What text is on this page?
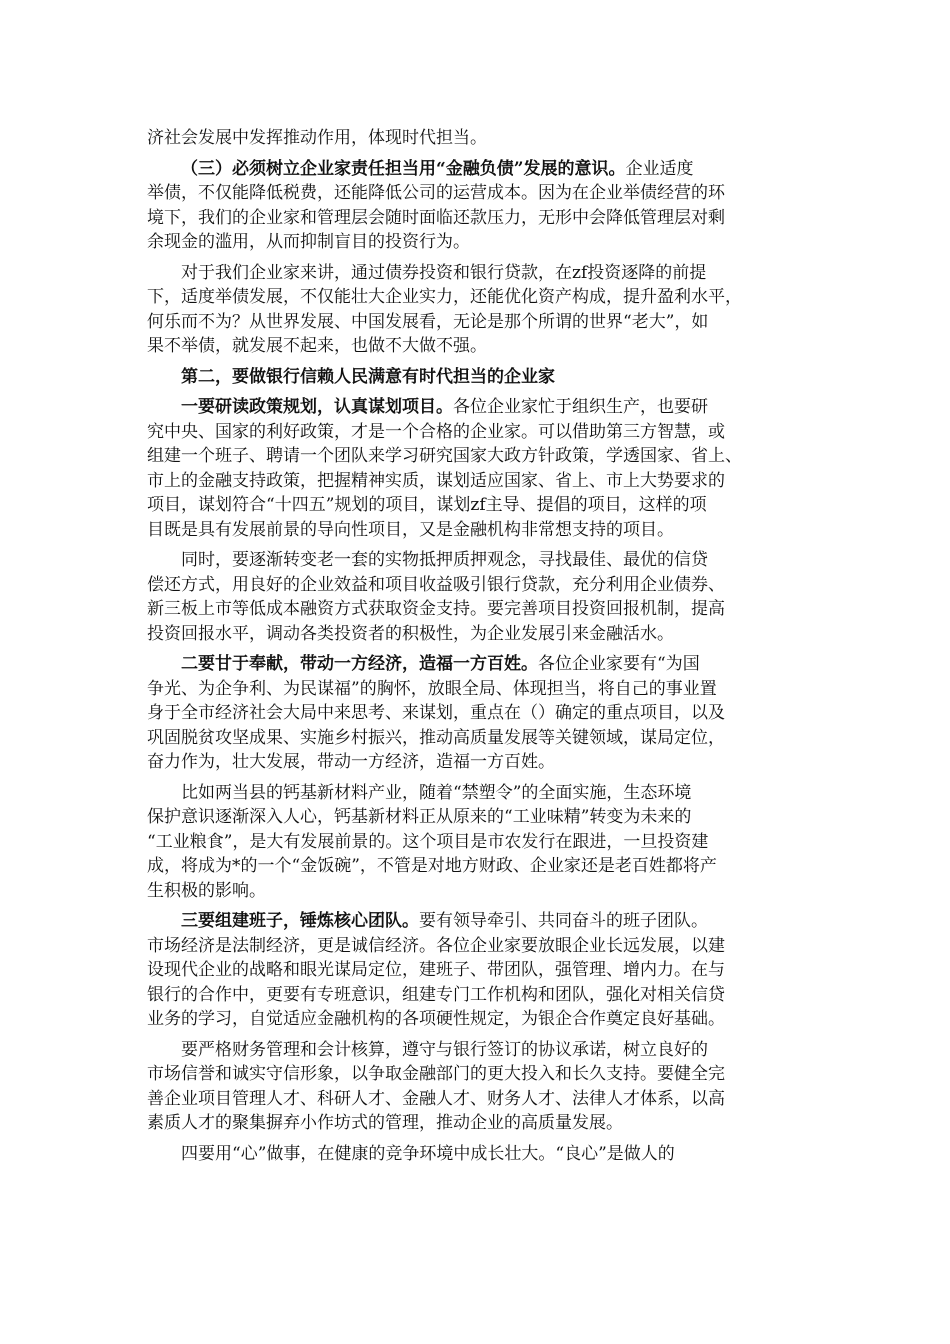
济社会发展中发挥推动作用，体现时代担当。
（三）必须树立企业家责任担当用“金融负债”发展的意识。企业适度
举债，不仅能降低税费，还能降低公司的运营成本。因为在企业举债经营的环
境下，我们的企业家和管理层会随时面临还款压力，无形中会降低管理层对剩
余现金的滥用，从而抑制盲目的投资行为。
对于我们企业家来讲，通过债券投资和银行贷款，在zf投资逐降的前提
下，适度举债发展，不仅能壮大企业实力，还能优化资产构成，提升盈利水平，
何乐而不为？从世界发展、中国发展看，无论是那个所谓的世界“老大”，如
果不举债，就发展不起来，也做不大做不强。
第二，要做银行信赖人民满意有时代担当的企业家
一要研读政策规划，认真谋划项目。各位企业家忙于组织生产，也要研
究中央、国家的利好政策，才是一个合格的企业家。可以借助第三方智慧，或
组建一个班子、聘请一个团队来学习研究国家大政方针政策，学透国家、省上、
市上的金融支持政策，把握精神实质，谋划适应国家、省上、市上大势要求的
项目，谋划符合“十四五”规划的项目，谋划zf主导、提倡的项目，这样的项
目既是具有发展前景的导向性项目，又是金融机构非常想支持的项目。
同时，要逐渐转变老一套的实物抵押质押观念，寻找最佳、最优的信贷
偿还方式，用良好的企业效益和项目收益吸引银行贷款，充分利用企业债券、
新三板上市等低成本融资方式获取资金支持。要完善项目投资回报机制，提高
投资回报水平，调动各类投资者的积极性，为企业发展引来金融活水。
二要甘于奉献，带动一方经济，造福一方百姓。各位企业家要有“为国
争光、为企争利、为民谋福”的胸怀，放眼全局、体现担当，将自己的事业置
身于全市经济社会大局中来思考、来谋划，重点在（）确定的重点项目，以及
巩固脱贫攻坚成果、实施乡村振兴，推动高质量发展等关键领域，谋局定位，
奋力作为，壮大发展，带动一方经济，造福一方百姓。
比如两当县的钙基新材料产业，随着“禁塑令”的全面实施，生态环境
保护意识逐渐深入人心，钙基新材料正从原来的“工业味精”转变为未来的
“工业粮食”，是大有发展前景的。这个项目是市农发行在跟进，一旦投资建
成，将成为*的一个“金饭碗”，不管是对地方财政、企业家还是老百姓都将产
生积极的影响。
三要组建班子，锤炼核心团队。要有领导牵引、共同奋斗的班子团队。
市场经济是法制经济，更是诚信经济。各位企业家要放眼企业长远发展，以建
设现代企业的战略和眼光谋局定位，建班子、带团队，强管理、增内力。在与
银行的合作中，更要有专班意识，组建专门工作机构和团队，强化对相关信贷
业务的学习，自觉适应金融机构的各项硬性规定，为银企合作奠定良好基础。
要严格财务管理和会计核算，遵守与银行签订的协议承诺，树立良好的
市场信誉和诚实守信形象，以争取金融部门的更大投入和长久支持。要健全完
善企业项目管理人才、科研人才、金融人才、财务人才、法律人才体系，以高
素质人才的聚集摒弃小作坊式的管理，推动企业的高质量发展。
四要用“心”做事，在健康的竞争环境中成长壮大。“良心”是做人的
